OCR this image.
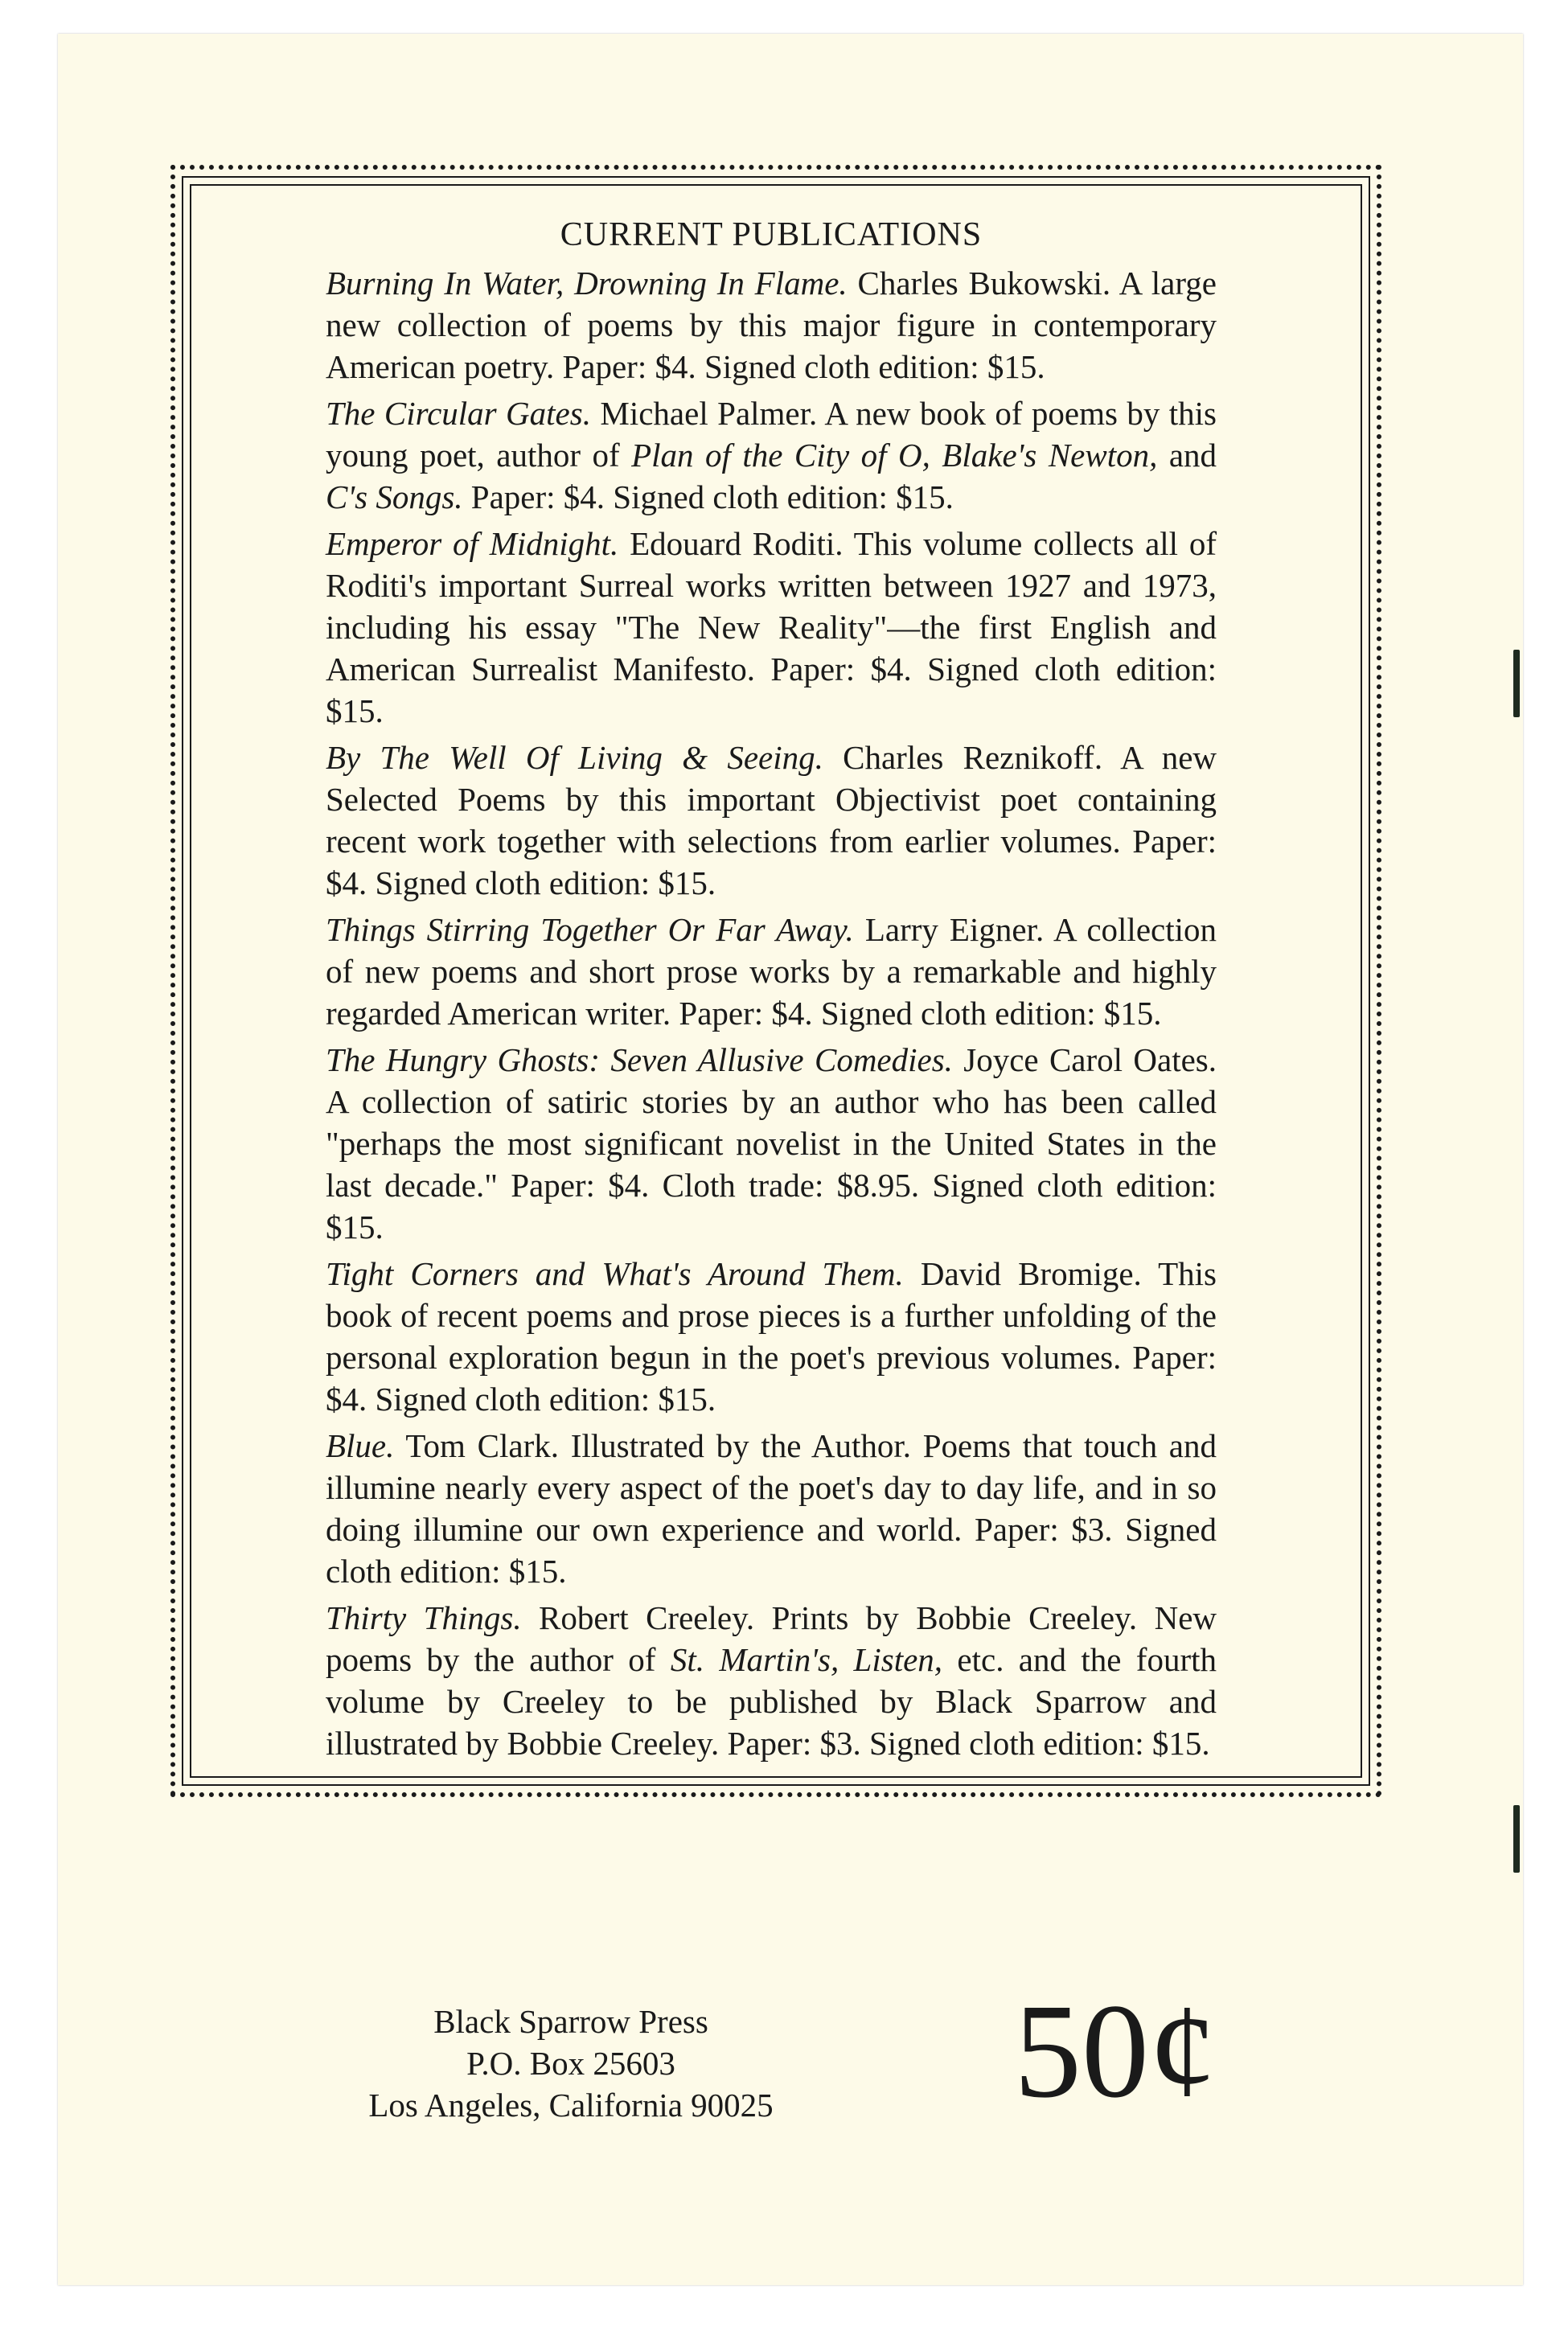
CURRENT PUBLICATIONS

Burning In Water, Drowning In Flame. Charles Bukowski. A large new collection of poems by this major figure in contemporary American poetry. Paper: $4. Signed cloth edition: $15.

The Circular Gates. Michael Palmer. A new book of poems by this young poet, author of Plan of the City of O, Blake's Newton, and C's Songs. Paper: $4. Signed cloth edition: $15.

Emperor of Midnight. Edouard Roditi. This volume collects all of Roditi's important Surreal works written between 1927 and 1973, including his essay "The New Reality"—the first English and American Surrealist Manifesto. Paper: $4. Signed cloth edition: $15.

By The Well Of Living & Seeing. Charles Reznikoff. A new Selected Poems by this important Objectivist poet containing recent work together with selections from earlier volumes. Paper: $4. Signed cloth edition: $15.

Things Stirring Together Or Far Away. Larry Eigner. A collection of new poems and short prose works by a remarkable and highly regarded American writer. Paper: $4. Signed cloth edition: $15.

The Hungry Ghosts: Seven Allusive Comedies. Joyce Carol Oates. A collection of satiric stories by an author who has been called "perhaps the most significant novelist in the United States in the last decade." Paper: $4. Cloth trade: $8.95. Signed cloth edition: $15.

Tight Corners and What's Around Them. David Bromige. This book of recent poems and prose pieces is a further unfolding of the personal exploration begun in the poet's previous volumes. Paper: $4. Signed cloth edition: $15.

Blue. Tom Clark. Illustrated by the Author. Poems that touch and illumine nearly every aspect of the poet's day to day life, and in so doing illumine our own experience and world. Paper: $3. Signed cloth edition: $15.

Thirty Things. Robert Creeley. Prints by Bobbie Creeley. New poems by the author of St. Martin's, Listen, etc. and the fourth volume by Creeley to be published by Black Sparrow and illustrated by Bobbie Creeley. Paper: $3. Signed cloth edition: $15.

Black Sparrow Press
P.O. Box 25603
Los Angeles, California 90025	50¢
